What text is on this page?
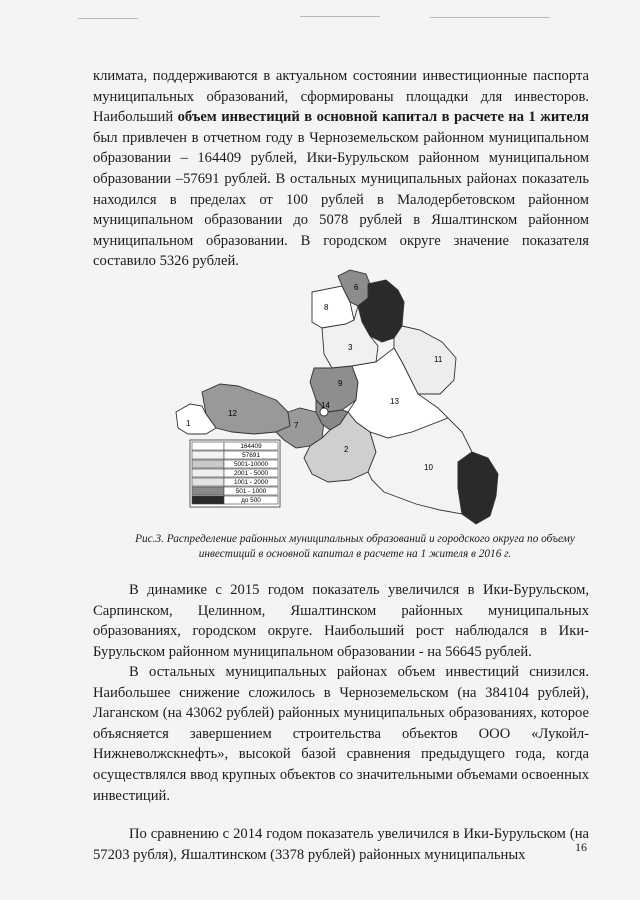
климата, поддерживаются в актуальном состоянии инвестиционные паспорта муниципальных образований, сформированы площадки для инвесторов. Наибольший объем инвестиций в основной капитал в расчете на 1 жителя был привлечен в отчетном году в Черноземельском районном муниципальном образовании – 164409 рублей, Ики-Бурульском районном муниципальном образовании –57691 рублей. В остальных муниципальных районах показатель находился в пределах от 100 рублей в Малодербетовском районном муниципальном образовании до 5078 рублей в Яшалтинском районном муниципальном образовании. В городском округе значение показателя составило 5326 рублей.

8
6
3
11
9
13
12
1	7
14
2
10
164409
57691
5001-10000
2001 - 5000
1001 - 2000
501 - 1000
до 500
Рис.3. Распределение районных муниципальных образований и городского округа по объему инвестиций в основной капитал в расчете на 1 жителя в 2016 г.

В динамике с 2015 годом показатель увеличился в Ики-Бурульском, Сарпинском, Целинном, Яшалтинском районных муниципальных образованиях, городском округе. Наибольший рост наблюдался в Ики-Бурульском районном муниципальном образовании - на 56645 рублей.

В остальных муниципальных районах объем инвестиций снизился. Наибольшее снижение сложилось в Черноземельском (на 384104 рублей), Лаганском (на 43062 рублей) районных муниципальных образованиях, которое объясняется завершением строительства объектов ООО «Лукойл-Нижневолжскнефть», высокой базой сравнения предыдущего года, когда осуществлялся ввод крупных объектов со значительными объемами освоенных инвестиций.

По сравнению с 2014 годом показатель увеличился в Ики-Бурульском (на 57203 рубля), Яшалтинском (3378 рублей) районных муниципальных	16
